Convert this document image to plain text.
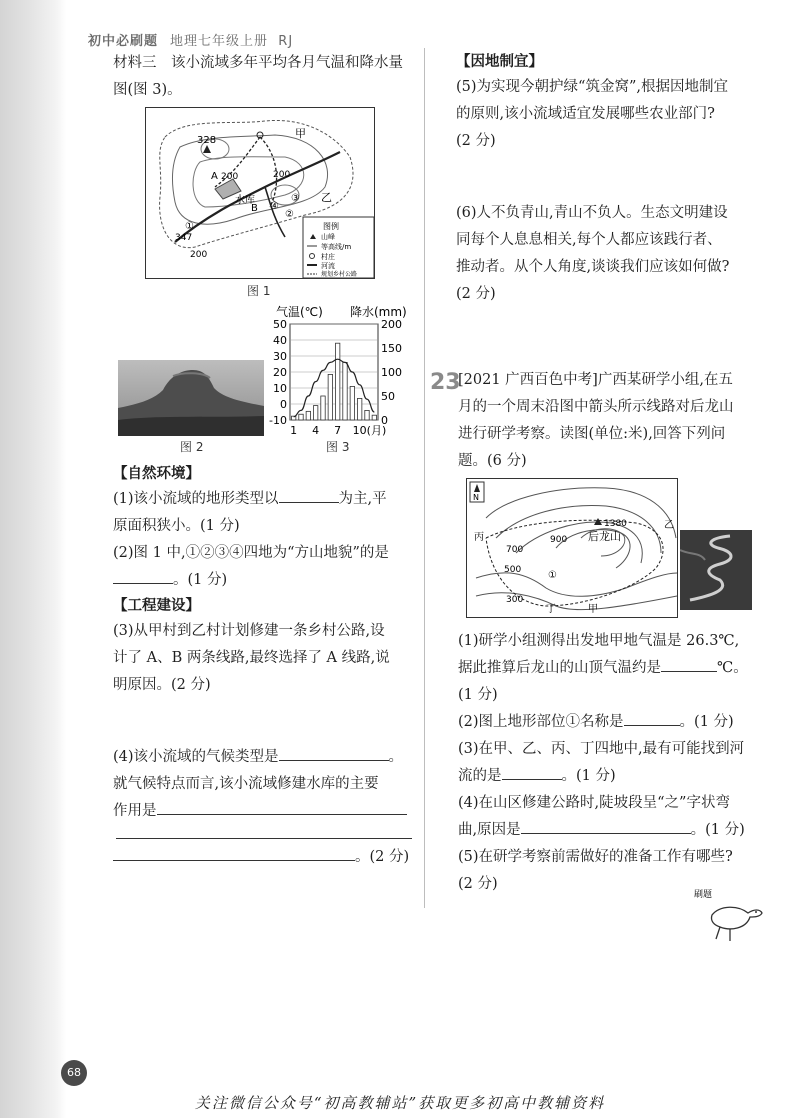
初中必刷题 地理七年级上册 RJ
材料三　该小流域多年平均各月气温和降水量图(图 3)。
328
甲
A 200	200
水库
B ④
乙
②
③
①
347
200
图例
山峰
等高线/m
村庄
河流
规划乡村公路
图 1
图 2
气温(℃) 降水(mm)
-10
0
10
20
30
40
50
0
50
100
150
200
1 4 7 10 (月)
图 3
【自然环境】
(1)该小流域的地形类型以	为主,平
原面积狭小。(1 分)
(2)图 1 中,①②③④四地为“方山地貌”的是
。(1 分)
【工程建设】
(3)从甲村到乙村计划修建一条乡村公路,设
计了 A、B 两条线路,最终选择了 A 线路,说
明原因。(2 分)
(4)该小流域的气候类型是	。
就气候特点而言,该小流域修建水库的主要
作用是
。(2 分)
【因地制宜】
(5)为实现今朝护绿“筑金窝”,根据因地制宜
的原则,该小流域适宜发展哪些农业部门?
(2 分)
(6)人不负青山,青山不负人。生态文明建设
同每个人息息相关,每个人都应该践行者、
推动者。从个人角度,谈谈我们应该如何做?
(2 分)
23
[2021 广西百色中考]广西某研学小组,在五
月的一个周末沿图中箭头所示线路对后龙山
进行研学考察。读图(单位:米),回答下列问
题。(6 分)
N
1380
后龙山
900
700
500
300
丙
乙
甲
丁
①
(1)研学小组测得出发地甲地气温是 26.3℃,
据此推算后龙山的山顶气温约是	℃。
(1 分)
(2)图上地形部位①名称是	。(1 分)
(3)在甲、乙、丙、丁四地中,最有可能找到河
流的是	。(1 分)
(4)在山区修建公路时,陡坡段呈“之”字状弯
曲,原因是	。(1 分)
(5)在研学考察前需做好的准备工作有哪些?
(2 分)
刷题
68
关注微信公众号“初高教辅站”获取更多初高中教辅资料
